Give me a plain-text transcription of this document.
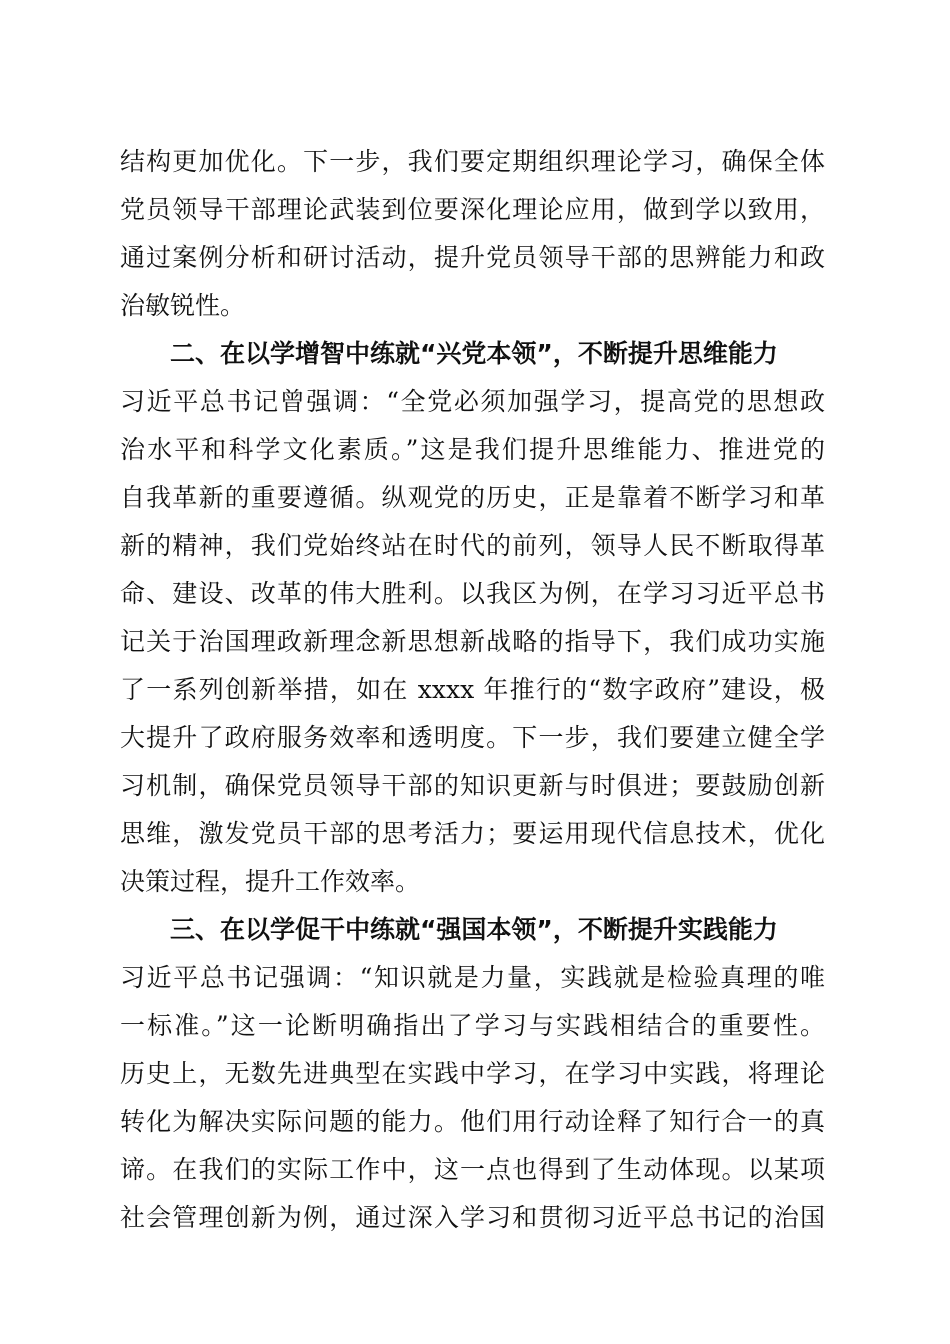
结构更加优化。下一步，我们要定期组织理论学习，确保全体
党员领导干部理论武装到位要深化理论应用，做到学以致用，
通过案例分析和研讨活动，提升党员领导干部的思辨能力和政
治敏锐性。
二、在以学增智中练就“兴党本领”，不断提升思维能力
习近平总书记曾强调：“全党必须加强学习，提高党的思想政
治水平和科学文化素质。”这是我们提升思维能力、推进党的
自我革新的重要遵循。纵观党的历史，正是靠着不断学习和革
新的精神，我们党始终站在时代的前列，领导人民不断取得革
命、建设、改革的伟大胜利。以我区为例，在学习习近平总书
记关于治国理政新理念新思想新战略的指导下，我们成功实施
了一系列创新举措，如在 xxxx 年推行的“数字政府”建设，极
大提升了政府服务效率和透明度。下一步，我们要建立健全学
习机制，确保党员领导干部的知识更新与时俱进；要鼓励创新
思维，激发党员干部的思考活力；要运用现代信息技术，优化
决策过程，提升工作效率。
三、在以学促干中练就“强国本领”，不断提升实践能力
习近平总书记强调：“知识就是力量，实践就是检验真理的唯
一标准。”这一论断明确指出了学习与实践相结合的重要性。
历史上，无数先进典型在实践中学习，在学习中实践，将理论
转化为解决实际问题的能力。他们用行动诠释了知行合一的真
谛。在我们的实际工作中，这一点也得到了生动体现。以某项
社会管理创新为例，通过深入学习和贯彻习近平总书记的治国
